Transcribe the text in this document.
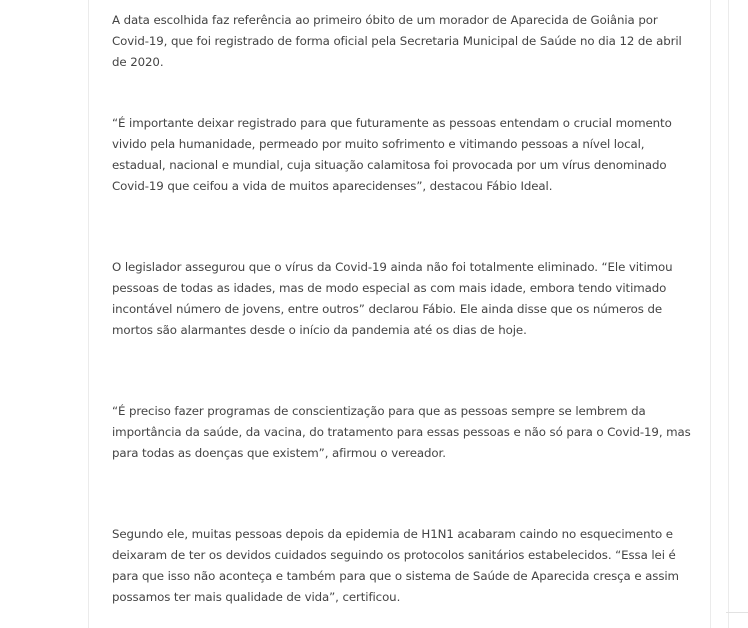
A data escolhida faz referência ao primeiro óbito de um morador de Aparecida de Goiânia por Covid-19, que foi registrado de forma oficial pela Secretaria Municipal de Saúde no dia 12 de abril de 2020.

“É importante deixar registrado para que futuramente as pessoas entendam o crucial momento vivido pela humanidade, permeado por muito sofrimento e vitimando pessoas a nível local, estadual, nacional e mundial, cuja situação calamitosa foi provocada por um vírus denominado Covid-19 que ceifou a vida de muitos aparecidenses”, destacou Fábio Ideal.

O legislador assegurou que o vírus da Covid-19 ainda não foi totalmente eliminado. “Ele vitimou pessoas de todas as idades, mas de modo especial as com mais idade, embora tendo vitimado incontável número de jovens, entre outros” declarou Fábio. Ele ainda disse que os números de mortos são alarmantes desde o início da pandemia até os dias de hoje.

“É preciso fazer programas de conscientização para que as pessoas sempre se lembrem da importância da saúde, da vacina, do tratamento para essas pessoas e não só para o Covid-19, mas para todas as doenças que existem”, afirmou o vereador.

Segundo ele, muitas pessoas depois da epidemia de H1N1 acabaram caindo no esquecimento e deixaram de ter os devidos cuidados seguindo os protocolos sanitários estabelecidos. “Essa lei é para que isso não aconteça e também para que o sistema de Saúde de Aparecida cresça e assim possamos ter mais qualidade de vida”, certificou.
